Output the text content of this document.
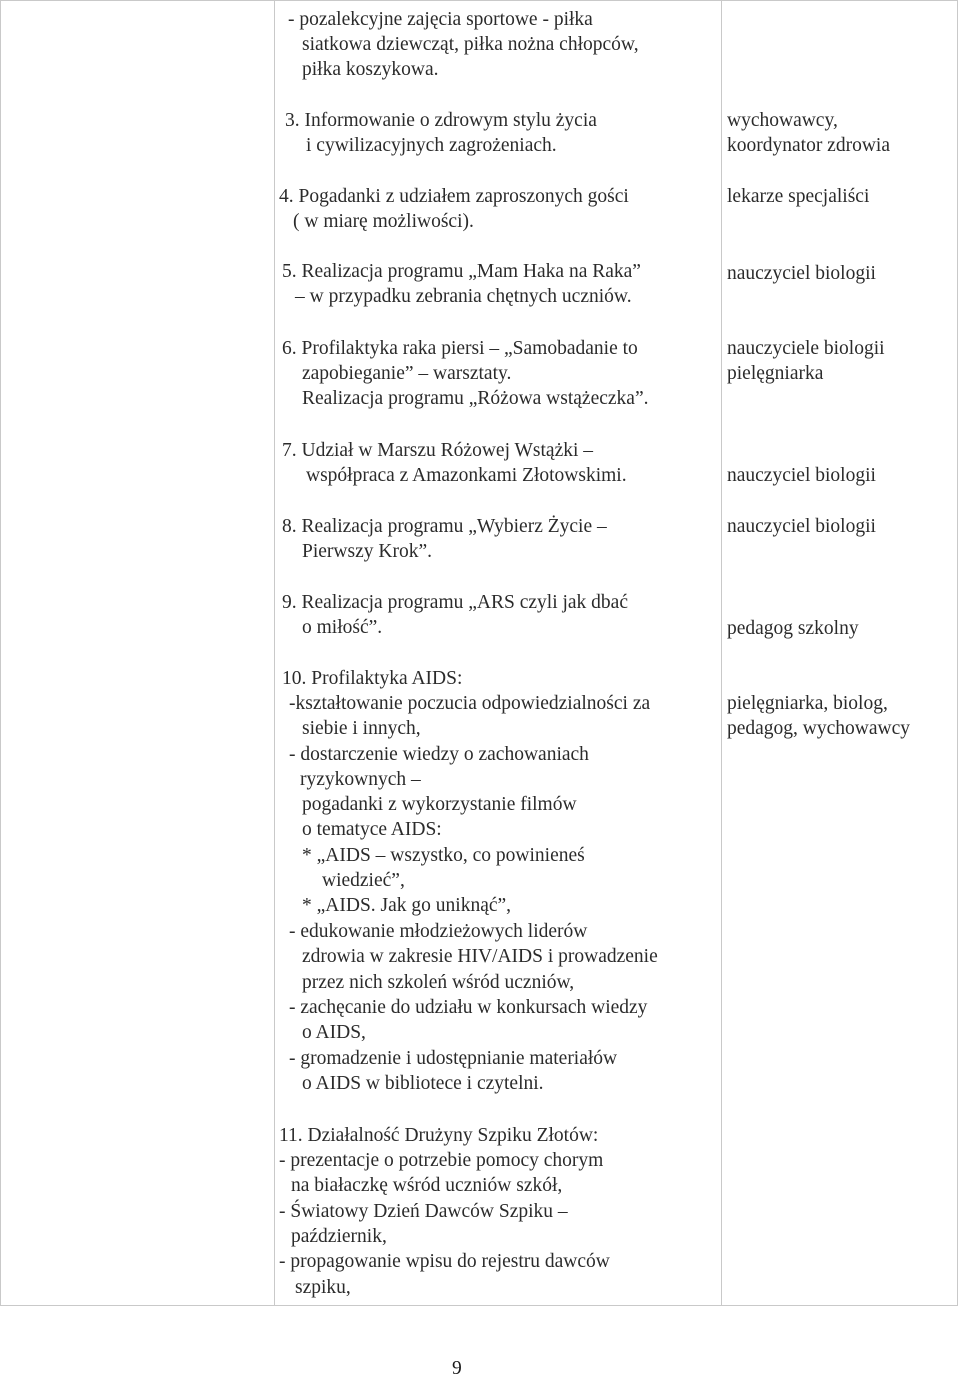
- pozalekcyjne zajęcia sportowe - piłka

siatkowa dziewcząt, piłka nożna chłopców,

piłka koszykowa.

3. Informowanie o zdrowym stylu życia

i cywilizacyjnych zagrożeniach.

4. Pogadanki z udziałem zaproszonych gości

( w miarę możliwości).

5. Realizacja programu „Mam Haka na Raka”

– w przypadku zebrania chętnych uczniów.

6. Profilaktyka raka piersi – „Samobadanie to

zapobieganie” – warsztaty.

Realizacja programu „Różowa wstążeczka”.

7. Udział w Marszu Różowej Wstążki –

współpraca z Amazonkami Złotowskimi.

8. Realizacja programu „Wybierz Życie –

Pierwszy Krok”.

9. Realizacja programu „ARS czyli jak dbać

o miłość”.

10. Profilaktyka AIDS:

-kształtowanie poczucia odpowiedzialności za

siebie i innych,

- dostarczenie wiedzy o zachowaniach

ryzykownych –

pogadanki z wykorzystanie filmów

o tematyce AIDS:

* „AIDS – wszystko, co powinieneś

wiedzieć”,

* „AIDS. Jak go uniknąć”,

- edukowanie młodzieżowych liderów

zdrowia w zakresie HIV/AIDS i prowadzenie

przez nich szkoleń wśród uczniów,

- zachęcanie do udziału w konkursach wiedzy

o AIDS,

- gromadzenie i udostępnianie materiałów

o AIDS w bibliotece i czytelni.

11. Działalność Drużyny Szpiku Złotów:

- prezentacje o potrzebie pomocy chorym

na białaczkę wśród uczniów szkół,

- Światowy Dzień Dawców Szpiku –

październik,

- propagowanie wpisu do rejestru dawców

szpiku,

wychowawcy,

koordynator zdrowia

lekarze specjaliści

nauczyciel biologii

nauczyciele biologii

pielęgniarka

nauczyciel biologii

nauczyciel biologii

pedagog szkolny

pielęgniarka, biolog,

pedagog, wychowawcy

9
